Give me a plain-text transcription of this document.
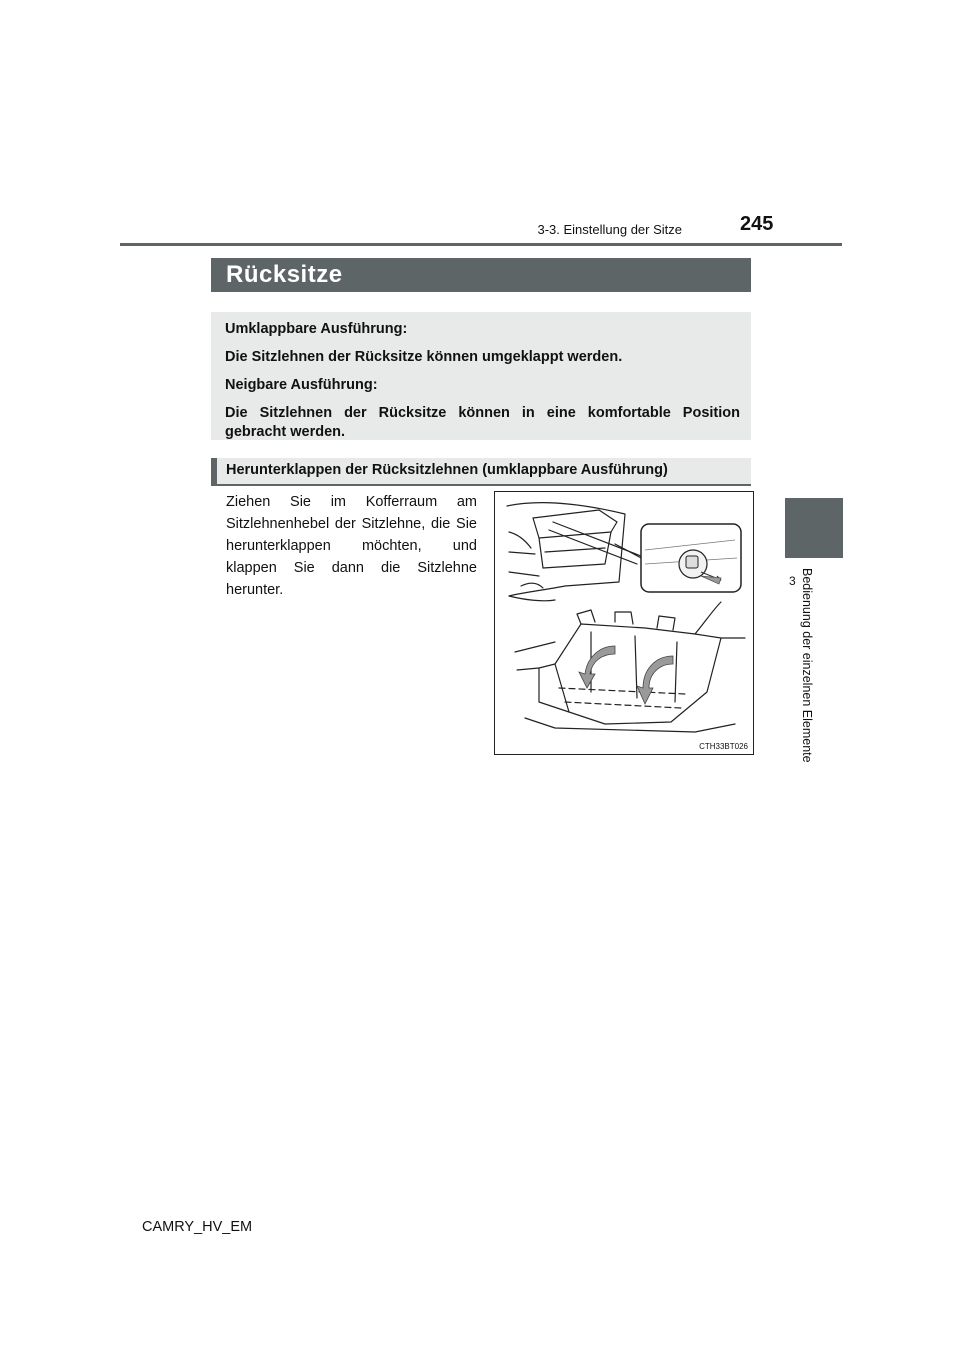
3-3. Einstellung der Sitze	245
3 Bedienung der einzelnen Elemente
Rücksitze

Umklappbare Ausführung:

Die Sitzlehnen der Rücksitze können umgeklappt werden.

Neigbare Ausführung:

Die Sitzlehnen der Rücksitze können in eine komfortable Position gebracht werden.

Herunterklappen der Rücksitzlehnen (umklappbare Ausführung)

Ziehen Sie im Kofferraum am Sitzlehnenhebel der Sitzlehne, die Sie herunterklappen möchten, und klappen Sie dann die Sitzlehne herunter.

CTH33BT026
CAMRY_HV_EM
